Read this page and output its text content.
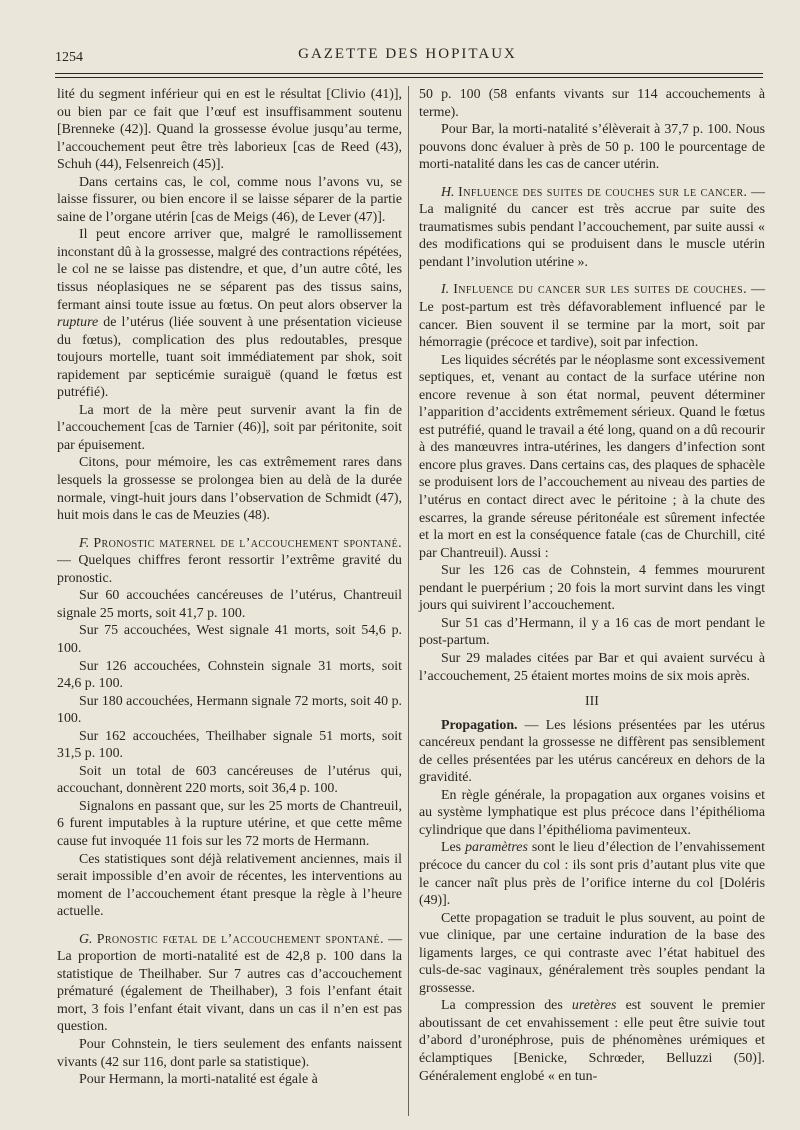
1254	GAZETTE DES HOPITAUX

lité du segment inférieur qui en est le résultat [Clivio (41)], ou bien par ce fait que l’œuf est insuffisamment soutenu [Brenneke (42)]. Quand la grossesse évolue jusqu’au terme, l’accouchement peut être très laborieux [cas de Reed (43), Schuh (44), Felsenreich (45)].

Dans certains cas, le col, comme nous l’avons vu, se laisse fissurer, ou bien encore il se laisse séparer de la partie saine de l’organe utérin [cas de Meigs (46), de Lever (47)].

Il peut encore arriver que, malgré le ramollissement inconstant dû à la grossesse, malgré des contractions répétées, le col ne se laisse pas distendre, et que, d’un autre côté, les tissus néoplasiques ne se séparent pas des tissus sains, fermant ainsi toute issue au fœtus. On peut alors observer la rupture de l’utérus (liée souvent à une présentation vicieuse du fœtus), complication des plus redoutables, presque toujours mortelle, tuant soit immédiatement par shok, soit rapidement par septicémie suraiguë (quand le fœtus est putréfié).

La mort de la mère peut survenir avant la fin de l’accouchement [cas de Tarnier (46)], soit par péritonite, soit par épuisement.

Citons, pour mémoire, les cas extrêmement rares dans lesquels la grossesse se prolongea bien au delà de la durée normale, vingt-huit jours dans l’observation de Schmidt (47), huit mois dans le cas de Meuzies (48).

F. Pronostic maternel de l’accouchement spontané. — Quelques chiffres feront ressortir l’extrême gravité du pronostic.

Sur 60 accouchées cancéreuses de l’utérus, Chantreuil signale 25 morts, soit 41,7 p. 100.

Sur 75 accouchées, West signale 41 morts, soit 54,6 p. 100.

Sur 126 accouchées, Cohnstein signale 31 morts, soit 24,6 p. 100.

Sur 180 accouchées, Hermann signale 72 morts, soit 40 p. 100.

Sur 162 accouchées, Theilhaber signale 51 morts, soit 31,5 p. 100.

Soit un total de 603 cancéreuses de l’utérus qui, accouchant, donnèrent 220 morts, soit 36,4 p. 100.

Signalons en passant que, sur les 25 morts de Chantreuil, 6 furent imputables à la rupture utérine, et que cette même cause fut invoquée 11 fois sur les 72 morts de Hermann.

Ces statistiques sont déjà relativement anciennes, mais il serait impossible d’en avoir de récentes, les interventions au moment de l’accouchement étant presque la règle à l’heure actuelle.

G. Pronostic fœtal de l’accouchement spontané. — La proportion de morti-natalité est de 42,8 p. 100 dans la statistique de Theilhaber. Sur 7 autres cas d’accouchement prématuré (également de Theilhaber), 3 fois l’enfant était mort, 3 fois l’enfant était vivant, dans un cas il n’en est pas question.

Pour Cohnstein, le tiers seulement des enfants naissent vivants (42 sur 116, dont parle sa statistique).

Pour Hermann, la morti-natalité est égale à

50 p. 100 (58 enfants vivants sur 114 accouchements à terme).

Pour Bar, la morti-natalité s’élèverait à 37,7 p. 100. Nous pouvons donc évaluer à près de 50 p. 100 le pourcentage de morti-natalité dans les cas de cancer utérin.

H. Influence des suites de couches sur le cancer. — La malignité du cancer est très accrue par suite des traumatismes subis pendant l’accouchement, par suite aussi « des modifications qui se produisent dans le muscle utérin pendant l’involution utérine ».

I. Influence du cancer sur les suites de couches. — Le post-partum est très défavorablement influencé par le cancer. Bien souvent il se termine par la mort, soit par hémorragie (précoce et tardive), soit par infection.

Les liquides sécrétés par le néoplasme sont excessivement septiques, et, venant au contact de la surface utérine non encore revenue à son état normal, peuvent déterminer l’apparition d’accidents extrêmement sérieux. Quand le fœtus est putréfié, quand le travail a été long, quand on a dû recourir à des manœuvres intra-utérines, les dangers d’infection sont encore plus graves. Dans certains cas, des plaques de sphacèle se produisent lors de l’accouchement au niveau des parties de l’utérus en contact direct avec le péritoine ; à la chute des escarres, la grande séreuse péritonéale est sûrement infectée et la mort en est la conséquence fatale (cas de Churchill, cité par Chantreuil). Aussi :

Sur les 126 cas de Cohnstein, 4 femmes moururent pendant le puerpérium ; 20 fois la mort survint dans les vingt jours qui suivirent l’accouchement.

Sur 51 cas d’Hermann, il y a 16 cas de mort pendant le post-partum.

Sur 29 malades citées par Bar et qui avaient survécu à l’accouchement, 25 étaient mortes moins de six mois après.

III

Propagation. — Les lésions présentées par les utérus cancéreux pendant la grossesse ne diffèrent pas sensiblement de celles présentées par les utérus cancéreux en dehors de la gravidité.

En règle générale, la propagation aux organes voisins et au système lymphatique est plus précoce dans l’épithélioma cylindrique que dans l’épithélioma pavimenteux.

Les paramètres sont le lieu d’élection de l’envahissement précoce du cancer du col : ils sont pris d’autant plus vite que le cancer naît plus près de l’orifice interne du col [Doléris (49)].

Cette propagation se traduit le plus souvent, au point de vue clinique, par une certaine induration de la base des ligaments larges, ce qui contraste avec l’état habituel des culs-de-sac vaginaux, généralement très souples pendant la grossesse.

La compression des uretères est souvent le premier aboutissant de cet envahissement : elle peut être suivie tout d’abord d’uronéphrose, puis de phénomènes urémiques et éclamptiques [Benicke, Schrœder, Belluzzi (50)]. Généralement englobé « en tun-
